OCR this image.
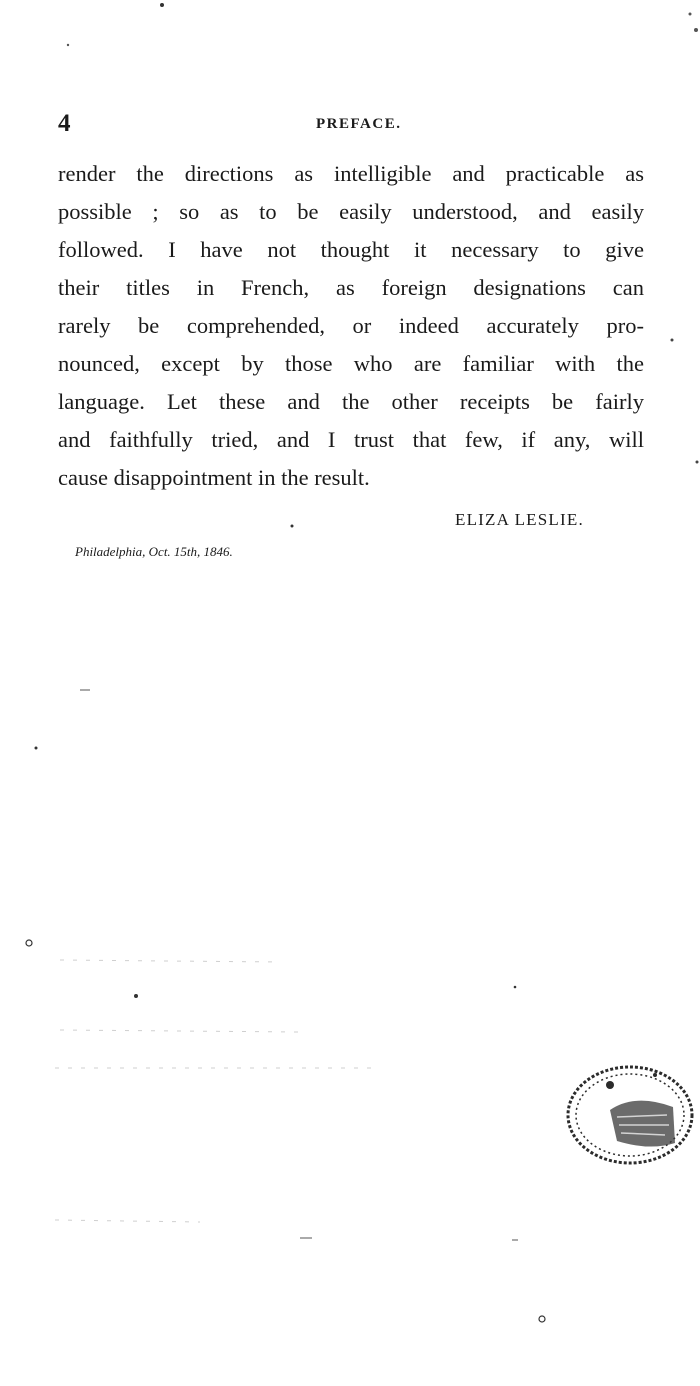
4	PREFACE.
render the directions as intelligible and practicable as
possible ; so as to be easily understood, and easily
followed. I have not thought it necessary to give
their titles in French, as foreign designations can
rarely be comprehended, or indeed accurately pro-
nounced, except by those who are familiar with the
language. Let these and the other receipts be fairly
and faithfully tried, and I trust that few, if any, will
cause disappointment in the result.
ELIZA LESLIE.
Philadelphia, Oct. 15th, 1846.
